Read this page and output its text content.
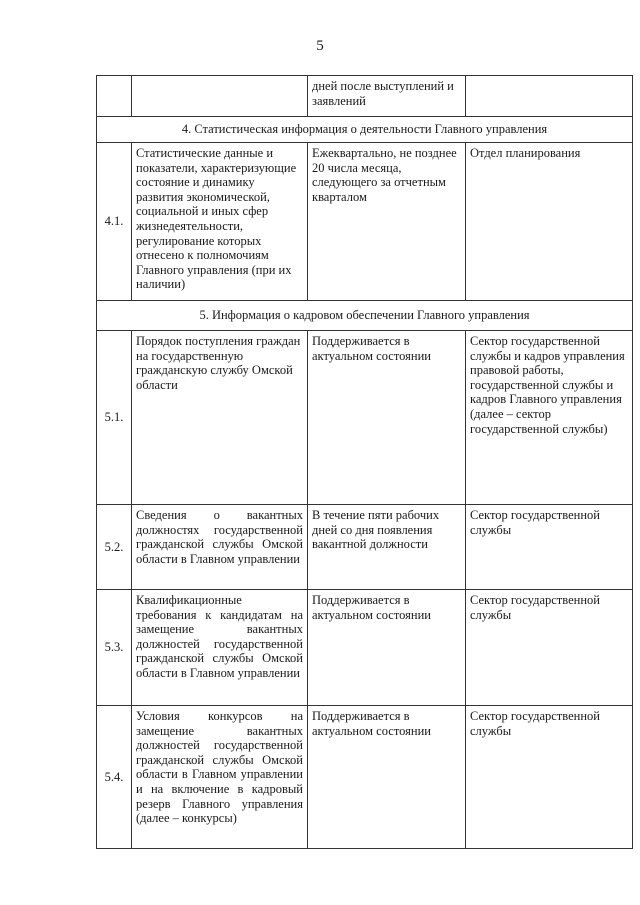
5
		дней после выступлений и заявлений	
4. Статистическая информация о деятельности Главного управления			
4.1.	Статистические данные и показатели, характеризующие состояние и динамику развития экономической, социальной и иных сфер жизнедеятельности, регулирование которых отнесено к полномочиям Главного управления (при их наличии)	Ежеквартально, не позднее 20 числа месяца, следующего за отчетным кварталом	Отдел планирования
5. Информация о кадровом обеспечении Главного управления			
5.1.	Порядок поступления граждан на государственную гражданскую службу Омской области	Поддерживается в актуальном состоянии	Сектор государственной службы и кадров управления правовой работы, государственной службы и кадров Главного управления (далее – сектор государственной службы)
5.2.	Сведения о вакантных должностях государственной гражданской службы Омской области в Главном управлении	В течение пяти рабочих дней со дня появления вакантной должности	Сектор государственной службы
5.3.	Квалификационные требования к кандидатам на замещение вакантных должностей государственной гражданской службы Омской области в Главном управлении	Поддерживается в актуальном состоянии	Сектор государственной службы
5.4.	Условия конкурсов на замещение вакантных должностей государственной гражданской службы Омской области в Главном управлении и на включение в кадровый резерв Главного управления (далее – конкурсы)	Поддерживается в актуальном состоянии	Сектор государственной службы
